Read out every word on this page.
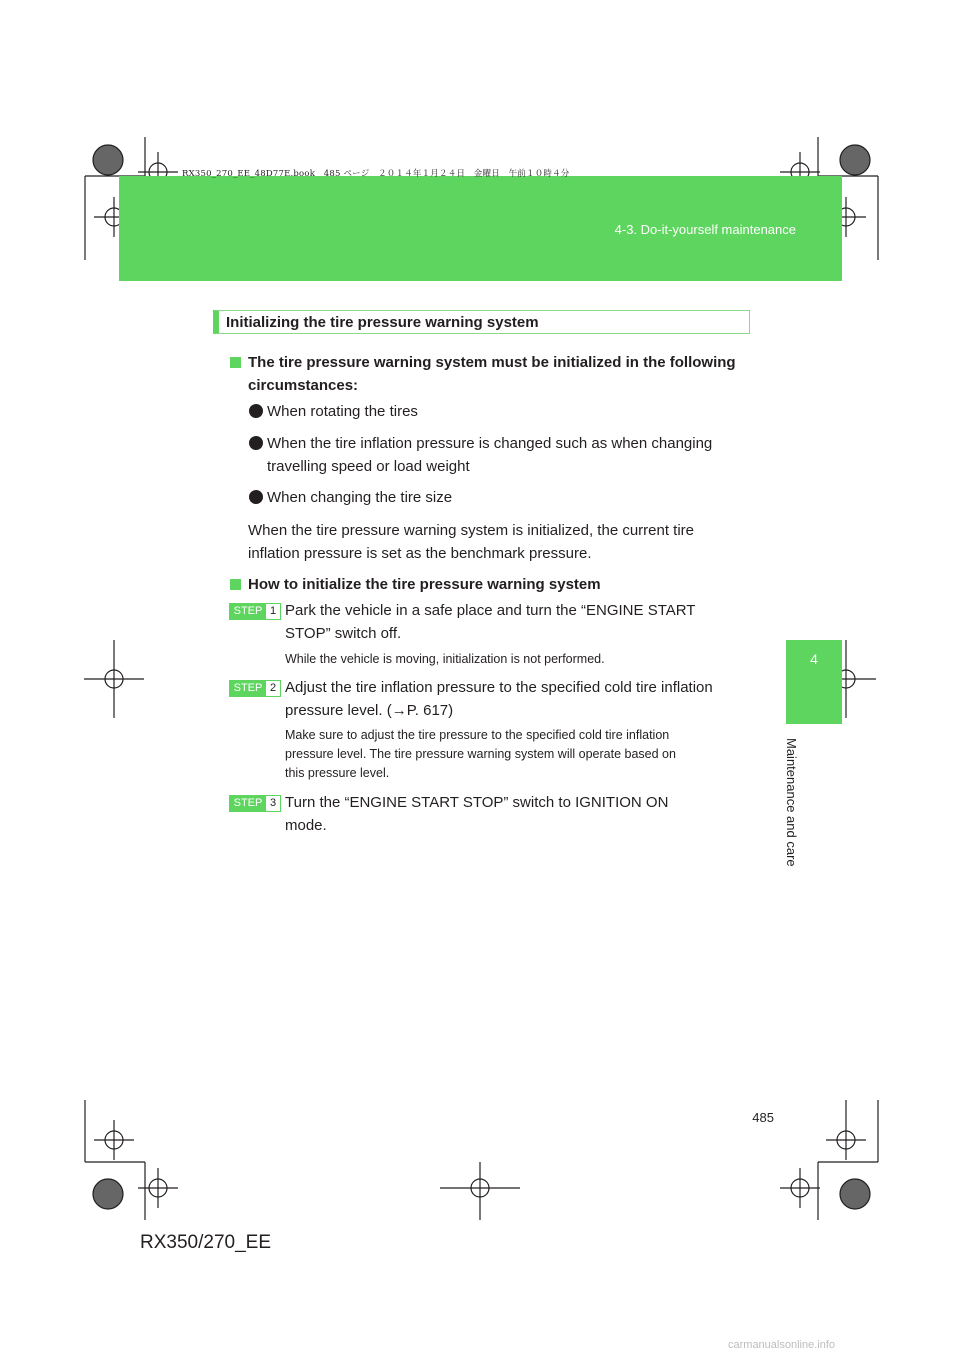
RX350_270_EE_48D77E.book　485 ページ　２０１４年１月２４日　金曜日　午前１０時４分
4-3. Do-it-yourself maintenance
4
Maintenance and care
Initializing the tire pressure warning system
The tire pressure warning system must be initialized in the following
circumstances:
When rotating the tires
When the tire inflation pressure is changed such as when changing
travelling speed or load weight
When changing the tire size
When the tire pressure warning system is initialized, the current tire
inflation pressure is set as the benchmark pressure.
How to initialize the tire pressure warning system
STEP 1 Park the vehicle in a safe place and turn the “ENGINE START
STOP” switch off.
While the vehicle is moving, initialization is not performed.
STEP 2 Adjust the tire inflation pressure to the specified cold tire inflation
pressure level. (→P. 617)
Make sure to adjust the tire pressure to the specified cold tire inflation
pressure level. The tire pressure warning system will operate based on
this pressure level.
STEP 3 Turn the “ENGINE START STOP” switch to IGNITION ON
mode.
485
RX350/270_EE
carmanualsonline.info
